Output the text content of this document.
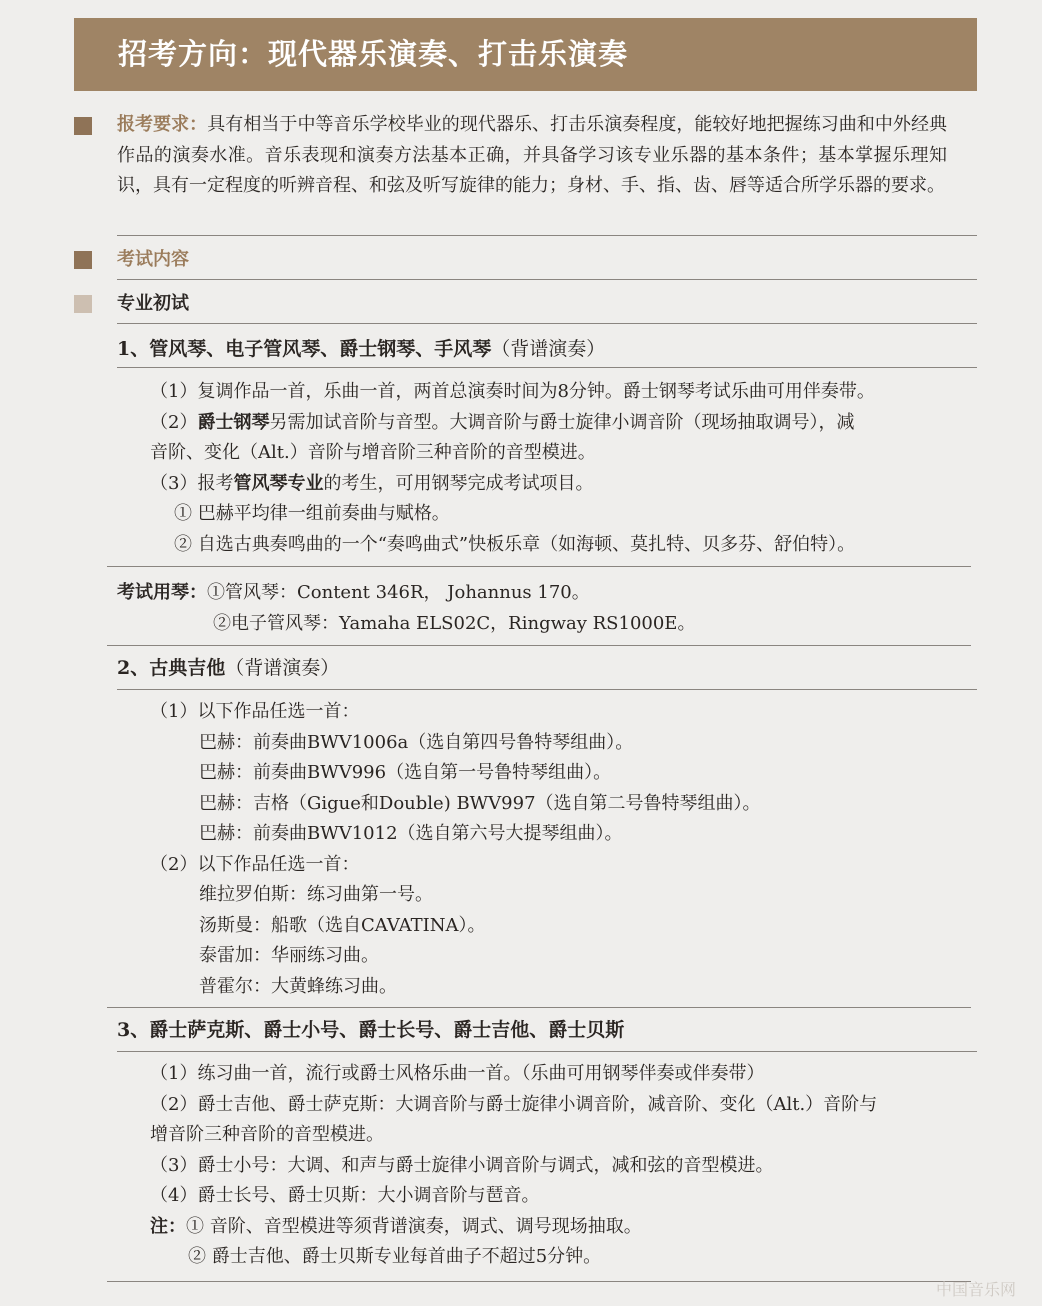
招考方向：现代器乐演奏、打击乐演奏
报考要求：具有相当于中等音乐学校毕业的现代器乐、打击乐演奏程度，能较好地把握练习曲和中外经典作品的演奏水准。音乐表现和演奏方法基本正确，并具备学习该专业乐器的基本条件；基本掌握乐理知识，具有一定程度的听辨音程、和弦及听写旋律的能力；身材、手、指、齿、唇等适合所学乐器的要求。
考试内容
专业初试
1、管风琴、电子管风琴、爵士钢琴、手风琴（背谱演奏）
（1）复调作品一首，乐曲一首，两首总演奏时间为8分钟。爵士钢琴考试乐曲可用伴奏带。
（2）爵士钢琴另需加试音阶与音型。大调音阶与爵士旋律小调音阶（现场抽取调号），减
音阶、变化（Alt.）音阶与增音阶三种音阶的音型模进。
（3）报考管风琴专业的考生，可用钢琴完成考试项目。
① 巴赫平均律一组前奏曲与赋格。
② 自选古典奏鸣曲的一个“奏鸣曲式”快板乐章（如海顿、莫扎特、贝多芬、舒伯特）。
考试用琴：①管风琴：Content 346R， Johannus 170。
②电子管风琴：Yamaha ELS02C，Ringway RS1000E。
2、古典吉他（背谱演奏）
（1）以下作品任选一首：
巴赫：前奏曲BWV1006a（选自第四号鲁特琴组曲）。
巴赫：前奏曲BWV996（选自第一号鲁特琴组曲）。
巴赫：吉格（Gigue和Double) BWV997（选自第二号鲁特琴组曲）。
巴赫：前奏曲BWV1012（选自第六号大提琴组曲）。
（2）以下作品任选一首：
维拉罗伯斯：练习曲第一号。
汤斯曼：船歌（选自CAVATINA）。
泰雷加：华丽练习曲。
普霍尔：大黄蜂练习曲。
3、爵士萨克斯、爵士小号、爵士长号、爵士吉他、爵士贝斯
（1）练习曲一首，流行或爵士风格乐曲一首。（乐曲可用钢琴伴奏或伴奏带）
（2）爵士吉他、爵士萨克斯：大调音阶与爵士旋律小调音阶，减音阶、变化（Alt.）音阶与
增音阶三种音阶的音型模进。
（3）爵士小号：大调、和声与爵士旋律小调音阶与调式，减和弦的音型模进。
（4）爵士长号、爵士贝斯：大小调音阶与琶音。
注：① 音阶、音型模进等须背谱演奏，调式、调号现场抽取。
② 爵士吉他、爵士贝斯专业每首曲子不超过5分钟。
中国音乐网
